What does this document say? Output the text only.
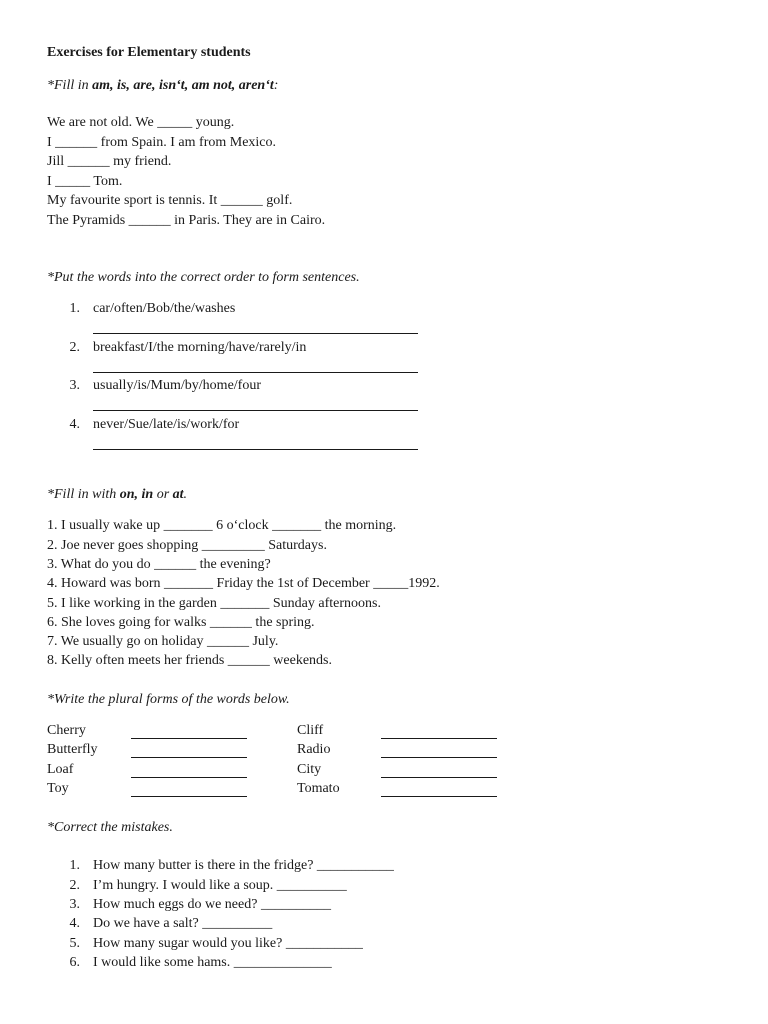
Exercises for Elementary students
*Fill in am, is, are, isn‘t, am not, aren‘t:
We are not old. We _____ young.
I ______ from Spain. I am from Mexico.
Jill ______ my friend.
I _____ Tom.
My favourite sport is tennis. It ______ golf.
The Pyramids ______ in Paris. They are in Cairo.
*Put the words into the correct order to form sentences.
1. car/often/Bob/the/washes
2. breakfast/I/the morning/have/rarely/in
3. usually/is/Mum/by/home/four
4. never/Sue/late/is/work/for
*Fill in with on, in or at.
1. I usually wake up _______ 6 o‘clock _______ the morning.
2. Joe never goes shopping _________ Saturdays.
3. What do you do ______ the evening?
4. Howard was born _______ Friday the 1st of December _____1992.
5. I like working in the garden _______ Sunday afternoons.
6. She loves going for walks ______ the spring.
7. We usually go on holiday ______ July.
8. Kelly often meets her friends ______ weekends.
*Write the plural forms of the words below.
Cherry	Cliff
Butterfly	Radio
Loaf	City
Toy	Tomato
*Correct the mistakes.
1. How many butter is there in the fridge? ___________
2. I’m hungry. I would like a soup. __________
3. How much eggs do we need? __________
4. Do we have a salt? __________
5. How many sugar would you like? ___________
6. I would like some hams. ______________
